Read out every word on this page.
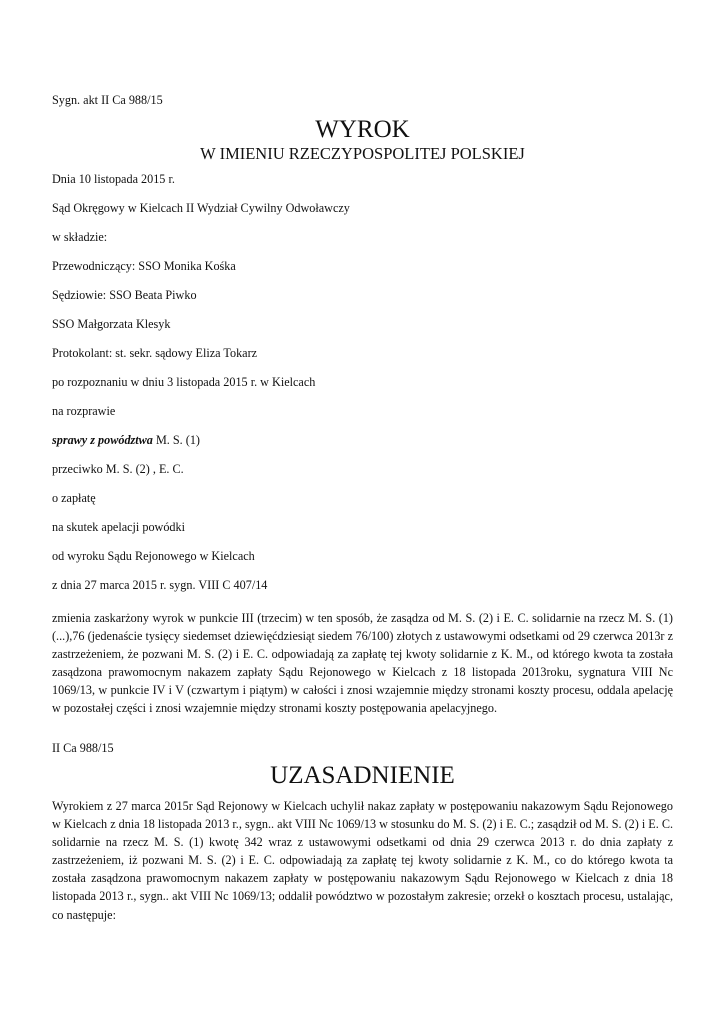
Sygn. akt II Ca 988/15

WYROK
W IMIENIU RZECZYPOSPOLITEJ POLSKIEJ

Dnia 10 listopada 2015 r.

Sąd Okręgowy w Kielcach II Wydział Cywilny Odwoławczy

w składzie:

Przewodniczący: SSO Monika Kośka

Sędziowie: SSO Beata Piwko

SSO Małgorzata Klesyk

Protokolant: st. sekr. sądowy Eliza Tokarz

po rozpoznaniu w dniu 3 listopada 2015 r. w Kielcach

na rozprawie

sprawy z powództwa M. S. (1)

przeciwko M. S. (2) , E. C.

o zapłatę

na skutek apelacji powódki

od wyroku Sądu Rejonowego w Kielcach

z dnia 27 marca 2015 r. sygn. VIII C 407/14

zmienia zaskarżony wyrok w punkcie III (trzecim) w ten sposób, że zasądza od M. S. (2) i E. C. solidarnie na rzecz M. S. (1) (...),76 (jedenaście tysięcy siedemset dziewięćdziesiąt siedem 76/100) złotych z ustawowymi odsetkami od 29 czerwca 2013r z zastrzeżeniem, że pozwani M. S. (2) i E. C. odpowiadają za zapłatę tej kwoty solidarnie z K. M., od którego kwota ta została zasądzona prawomocnym nakazem zapłaty Sądu Rejonowego w Kielcach z 18 listopada 2013roku, sygnatura VIII Nc 1069/13, w punkcie IV i V (czwartym i piątym) w całości i znosi wzajemnie między stronami koszty procesu, oddala apelację w pozostałej części i znosi wzajemnie między stronami koszty postępowania apelacyjnego.

II Ca 988/15

UZASADNIENIE

Wyrokiem z 27 marca 2015r Sąd Rejonowy w Kielcach uchylił nakaz zapłaty w postępowaniu nakazowym Sądu Rejonowego w Kielcach z dnia 18 listopada 2013 r., sygn.. akt VIII Nc 1069/13 w stosunku do M. S. (2) i E. C.; zasądził od M. S. (2) i E. C. solidarnie na rzecz M. S. (1) kwotę 342 wraz z ustawowymi odsetkami od dnia 29 czerwca 2013 r. do dnia zapłaty z zastrzeżeniem, iż pozwani M. S. (2) i E. C. odpowiadają za zapłatę tej kwoty solidarnie z K. M., co do którego kwota ta została zasądzona prawomocnym nakazem zapłaty w postępowaniu nakazowym Sądu Rejonowego w Kielcach z dnia 18 listopada 2013 r., sygn.. akt VIII Nc 1069/13; oddalił powództwo w pozostałym zakresie; orzekł o kosztach procesu, ustalając, co następuje:
